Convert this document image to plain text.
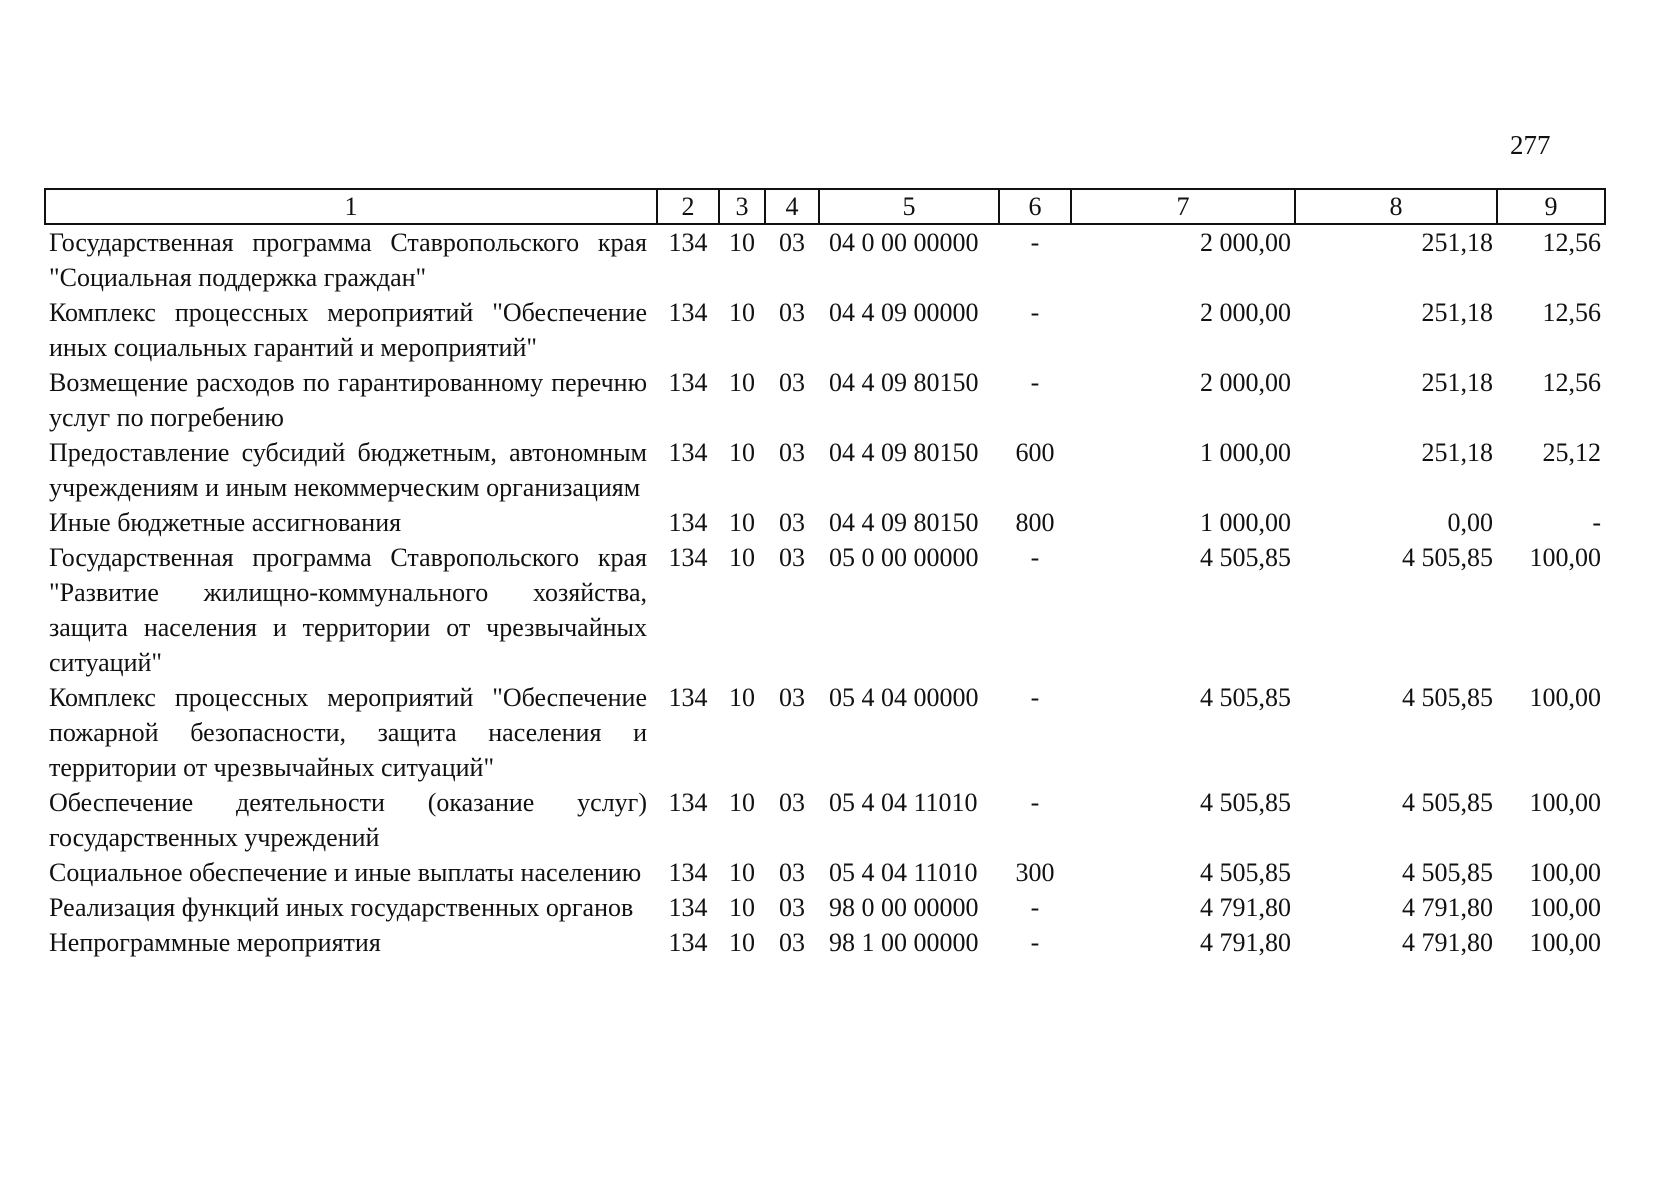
277
1	2	3	4	5	6	7	8	9
Государственная программа Ставропольского края "Социальная поддержка граждан"	134	10	03	04 0 00 00000	-	2 000,00	251,18	12,56
Комплекс процессных мероприятий "Обеспечение иных социальных гарантий и мероприятий"	134	10	03	04 4 09 00000	-	2 000,00	251,18	12,56
Возмещение расходов по гарантированному перечню услуг по погребению	134	10	03	04 4 09 80150	-	2 000,00	251,18	12,56
Предоставление субсидий бюджетным, автономным учреждениям и иным некоммерческим организациям	134	10	03	04 4 09 80150	600	1 000,00	251,18	25,12
Иные бюджетные ассигнования	134	10	03	04 4 09 80150	800	1 000,00	0,00	-
Государственная программа Ставропольского края "Развитие жилищно-коммунального хозяйства, защита населения и территории от чрезвычайных ситуаций"	134	10	03	05 0 00 00000	-	4 505,85	4 505,85	100,00
Комплекс процессных мероприятий "Обеспечение пожарной безопасности, защита населения и территории от чрезвычайных ситуаций"	134	10	03	05 4 04 00000	-	4 505,85	4 505,85	100,00
Обеспечение деятельности (оказание услуг) государственных учреждений	134	10	03	05 4 04 11010	-	4 505,85	4 505,85	100,00
Социальное обеспечение и иные выплаты населению	134	10	03	05 4 04 11010	300	4 505,85	4 505,85	100,00
Реализация функций иных государственных органов	134	10	03	98 0 00 00000	-	4 791,80	4 791,80	100,00
Непрограммные мероприятия	134	10	03	98 1 00 00000	-	4 791,80	4 791,80	100,00
